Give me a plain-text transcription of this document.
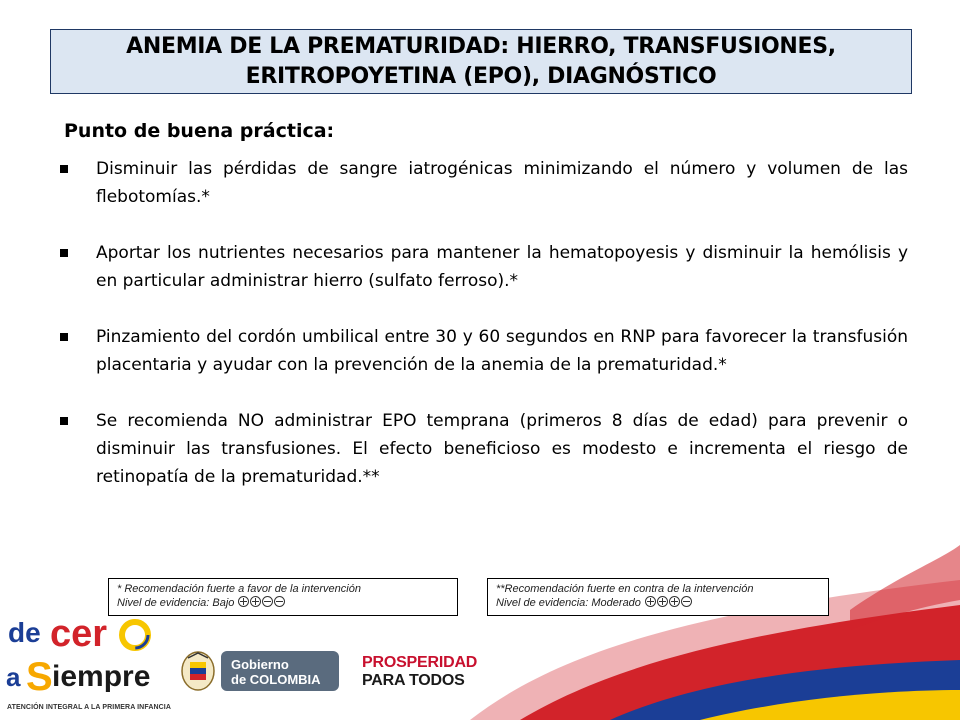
ANEMIA DE LA PREMATURIDAD: HIERRO, TRANSFUSIONES,
ERITROPOYETINA (EPO), DIAGNÓSTICO
Punto de buena práctica:
Disminuir las pérdidas de sangre iatrogénicas minimizando el número y volumen de las flebotomías.*
Aportar los nutrientes necesarios para mantener la hematopoyesis y disminuir la hemólisis y en particular administrar hierro (sulfato ferroso).*
Pinzamiento del cordón umbilical entre 30 y 60 segundos en RNP para favorecer la transfusión placentaria y ayudar con la prevención de la anemia de la prematuridad.*
Se recomienda NO administrar EPO temprana (primeros 8 días de edad) para prevenir o disminuir las transfusiones. El efecto beneficioso es modesto e incrementa el riesgo de retinopatía de la prematuridad.**
* Recomendación fuerte a favor de la intervención
Nivel de evidencia: Bajo
**Recomendación fuerte en contra de la intervención
Nivel de evidencia: Moderado
de cer
a S iempre
ATENCIÓN INTEGRAL A LA PRIMERA INFANCIA
Gobierno
de COLOMBIA
PROSPERIDAD
PARA TODOS
